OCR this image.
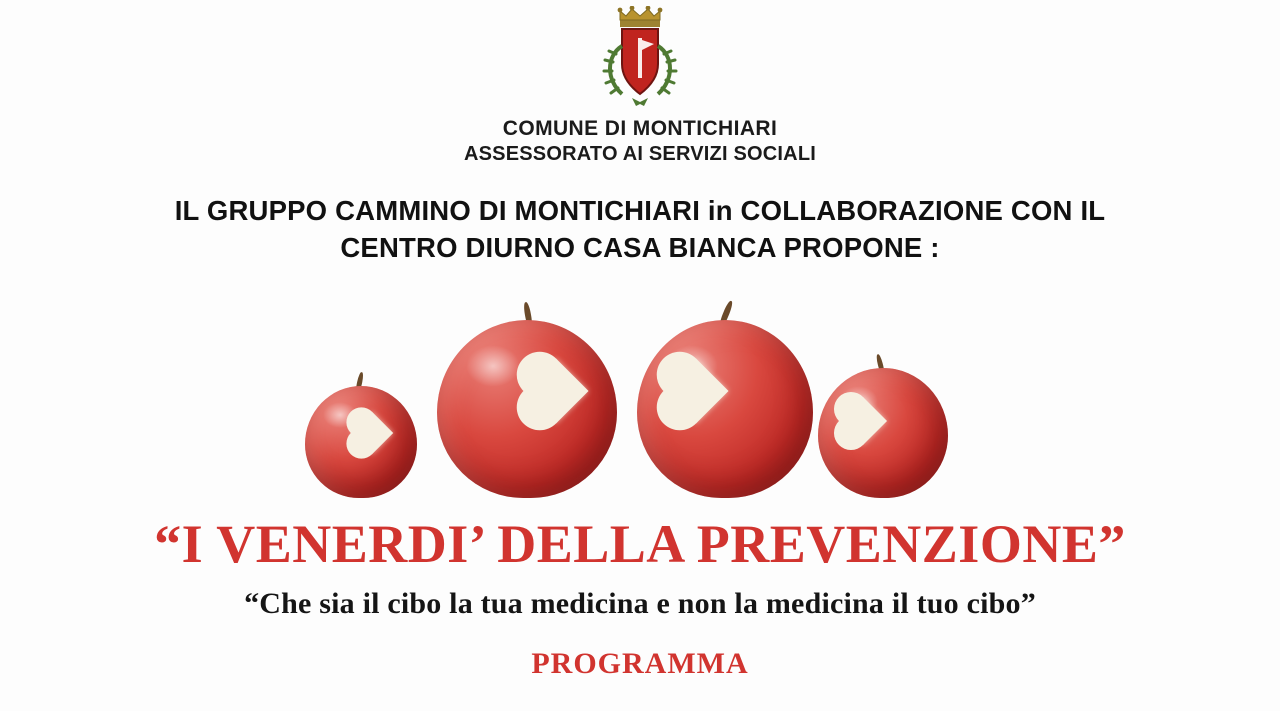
COMUNE DI MONTICHIARI
ASSESSORATO AI SERVIZI SOCIALI
IL GRUPPO CAMMINO DI MONTICHIARI in COLLABORAZIONE CON IL
CENTRO DIURNO CASA BIANCA PROPONE :
“I VENERDI’ DELLA PREVENZIONE”
“Che sia il cibo la tua medicina e non la medicina il tuo cibo”
PROGRAMMA
